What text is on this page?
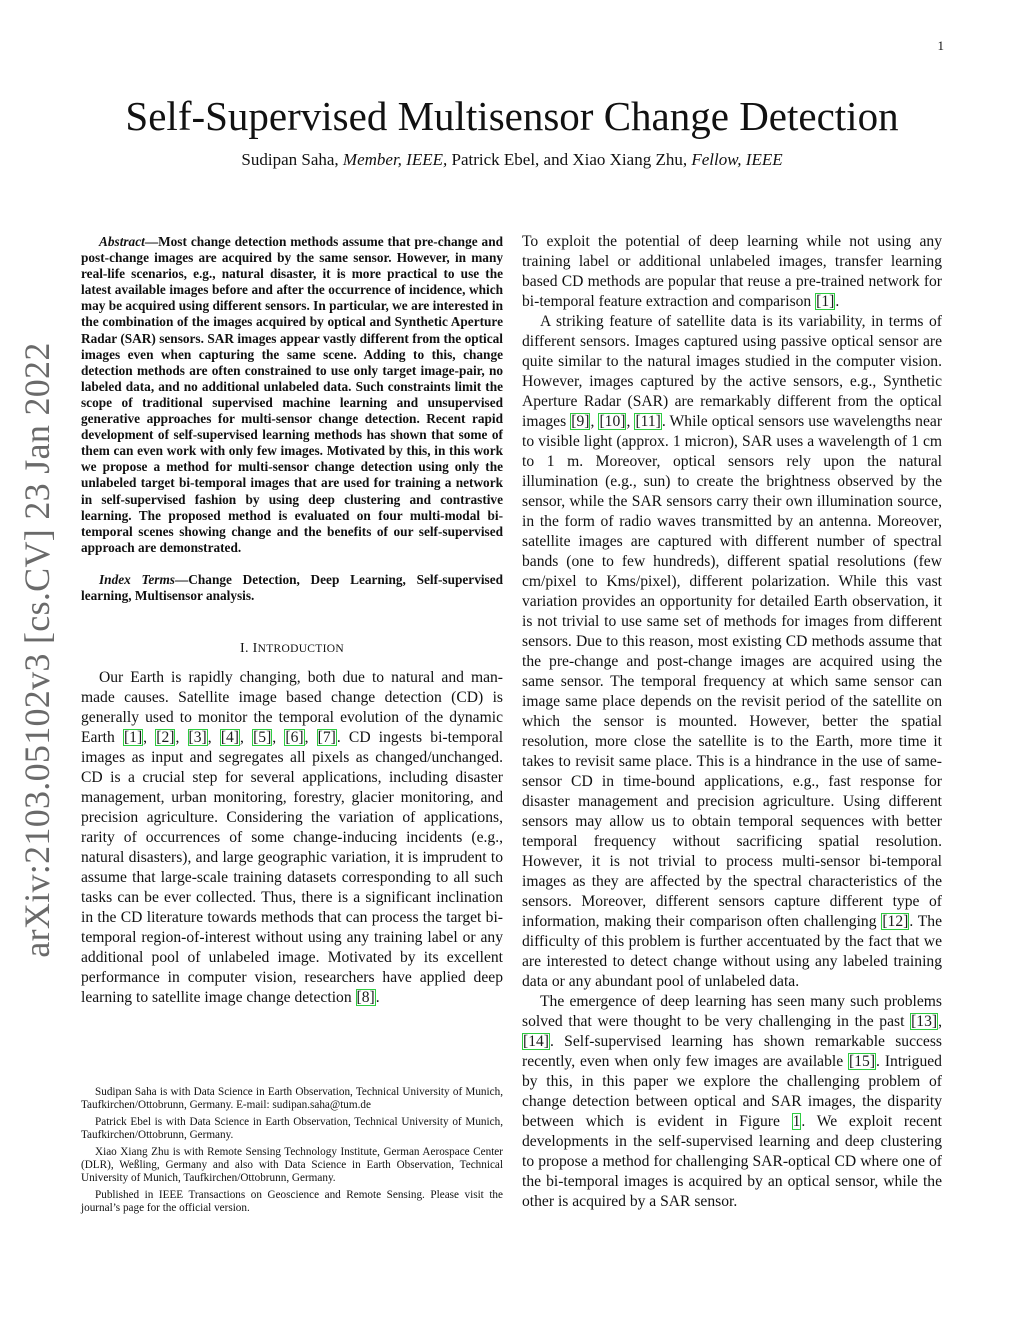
1
arXiv:2103.05102v3 [cs.CV] 23 Jan 2022
Self-Supervised Multisensor Change Detection
Sudipan Saha, Member, IEEE, Patrick Ebel, and Xiao Xiang Zhu, Fellow, IEEE

Abstract—Most change detection methods assume that pre-change and post-change images are acquired by the same sensor. However, in many real-life scenarios, e.g., natural disaster, it is more practical to use the latest available images before and after the occurrence of incidence, which may be acquired using different sensors. In particular, we are interested in the combination of the images acquired by optical and Synthetic Aperture Radar (SAR) sensors. SAR images appear vastly different from the optical images even when capturing the same scene. Adding to this, change detection methods are often constrained to use only target image-pair, no labeled data, and no additional unlabeled data. Such constraints limit the scope of traditional supervised machine learning and unsupervised generative approaches for multi-sensor change detection. Recent rapid development of self-supervised learning methods has shown that some of them can even work with only few images. Motivated by this, in this work we propose a method for multi-sensor change detection using only the unlabeled target bi-temporal images that are used for training a network in self-supervised fashion by using deep clustering and contrastive learning. The proposed method is evaluated on four multi-modal bi-temporal scenes showing change and the benefits of our self-supervised approach are demonstrated.

Index Terms—Change Detection, Deep Learning, Self-supervised learning, Multisensor analysis.

I. INTRODUCTION

Our Earth is rapidly changing, both due to natural and man-made causes. Satellite image based change detection (CD) is generally used to monitor the temporal evolution of the dynamic Earth [1], [2], [3], [4], [5], [6], [7]. CD ingests bi-temporal images as input and segregates all pixels as changed/unchanged. CD is a crucial step for several applications, including disaster management, urban monitoring, forestry, glacier monitoring, and precision agriculture. Considering the variation of applications, rarity of occurrences of some change-inducing incidents (e.g., natural disasters), and large geographic variation, it is imprudent to assume that large-scale training datasets corresponding to all such tasks can be ever collected. Thus, there is a significant inclination in the CD literature towards methods that can process the target bi-temporal region-of-interest without using any training label or any additional pool of unlabeled image. Motivated by its excellent performance in computer vision, researchers have applied deep learning to satellite image change detection [8].

Sudipan Saha is with Data Science in Earth Observation, Technical University of Munich, Taufkirchen/Ottobrunn, Germany. E-mail: sudipan.saha@tum.de

Patrick Ebel is with Data Science in Earth Observation, Technical University of Munich, Taufkirchen/Ottobrunn, Germany.

Xiao Xiang Zhu is with Remote Sensing Technology Institute, German Aerospace Center (DLR), Weßling, Germany and also with Data Science in Earth Observation, Technical University of Munich, Taufkirchen/Ottobrunn, Germany.

Published in IEEE Transactions on Geoscience and Remote Sensing. Please visit the journal’s page for the official version.

To exploit the potential of deep learning while not using any training label or additional unlabeled images, transfer learning based CD methods are popular that reuse a pre-trained network for bi-temporal feature extraction and comparison [1].

A striking feature of satellite data is its variability, in terms of different sensors. Images captured using passive optical sensor are quite similar to the natural images studied in the computer vision. However, images captured by the active sensors, e.g., Synthetic Aperture Radar (SAR) are remarkably different from the optical images [9], [10], [11]. While optical sensors use wavelengths near to visible light (approx. 1 micron), SAR uses a wavelength of 1 cm to 1 m. Moreover, optical sensors rely upon the natural illumination (e.g., sun) to create the brightness observed by the sensor, while the SAR sensors carry their own illumination source, in the form of radio waves transmitted by an antenna. Moreover, satellite images are captured with different number of spectral bands (one to few hundreds), different spatial resolutions (few cm/pixel to Kms/pixel), different polarization. While this vast variation provides an opportunity for detailed Earth observation, it is not trivial to use same set of methods for images from different sensors. Due to this reason, most existing CD methods assume that the pre-change and post-change images are acquired using the same sensor. The temporal frequency at which same sensor can image same place depends on the revisit period of the satellite on which the sensor is mounted. However, better the spatial resolution, more close the satellite is to the Earth, more time it takes to revisit same place. This is a hindrance in the use of same-sensor CD in time-bound applications, e.g., fast response for disaster management and precision agriculture. Using different sensors may allow us to obtain temporal sequences with better temporal frequency without sacrificing spatial resolution. However, it is not trivial to process multi-sensor bi-temporal images as they are affected by the spectral characteristics of the sensors. Moreover, different sensors capture different type of information, making their comparison often challenging [12]. The difficulty of this problem is further accentuated by the fact that we are interested to detect change without using any labeled training data or any abundant pool of unlabeled data.

The emergence of deep learning has seen many such problems solved that were thought to be very challenging in the past [13], [14]. Self-supervised learning has shown remarkable success recently, even when only few images are available [15]. Intrigued by this, in this paper we explore the challenging problem of change detection between optical and SAR images, the disparity between which is evident in Figure 1. We exploit recent developments in the self-supervised learning and deep clustering to propose a method for challenging SAR-optical CD where one of the bi-temporal images is acquired by an optical sensor, while the other is acquired by a SAR sensor.
